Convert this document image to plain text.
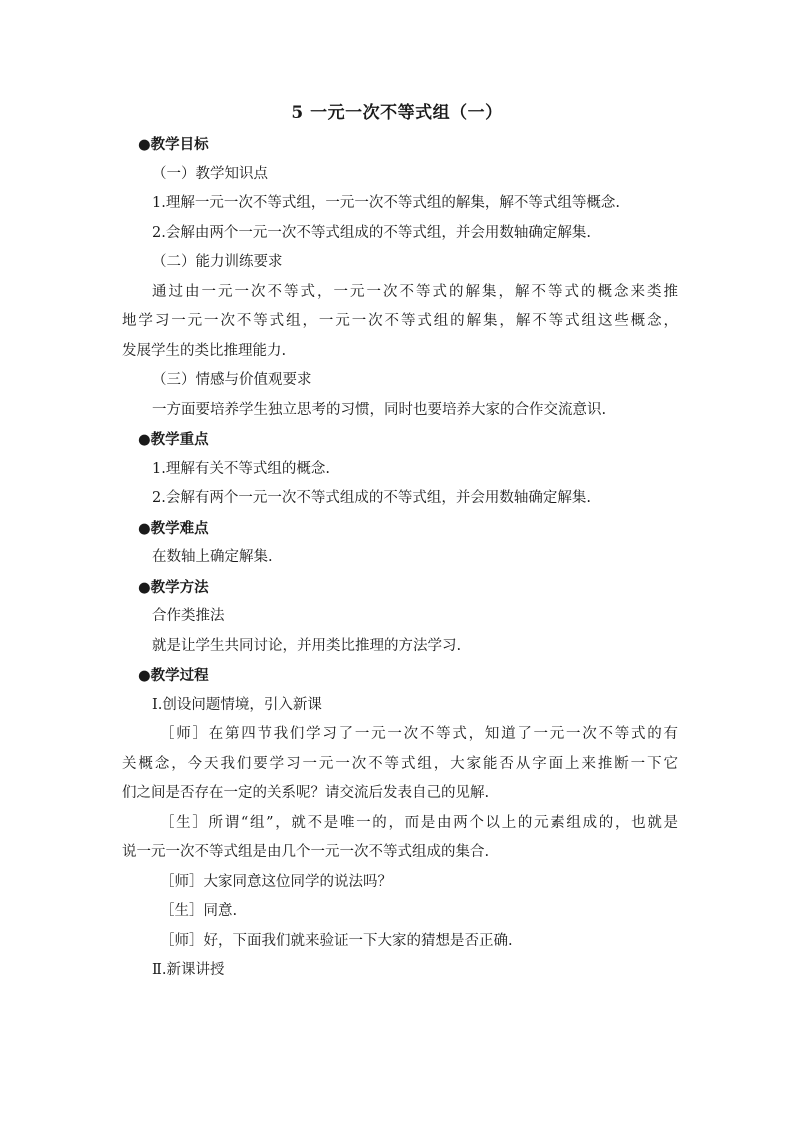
5 一元一次不等式组（一）
●教学目标
（一）教学知识点
1.理解一元一次不等式组，一元一次不等式组的解集，解不等式组等概念.
2.会解由两个一元一次不等式组成的不等式组，并会用数轴确定解集.
（二）能力训练要求
通过由一元一次不等式，一元一次不等式的解集，解不等式的概念来类推
地学习一元一次不等式组，一元一次不等式组的解集，解不等式组这些概念，
发展学生的类比推理能力.
（三）情感与价值观要求
一方面要培养学生独立思考的习惯，同时也要培养大家的合作交流意识.
●教学重点
1.理解有关不等式组的概念.
2.会解有两个一元一次不等式组成的不等式组，并会用数轴确定解集.
●教学难点
在数轴上确定解集.
●教学方法
合作类推法
就是让学生共同讨论，并用类比推理的方法学习.
●教学过程
Ⅰ.创设问题情境，引入新课
［师］在第四节我们学习了一元一次不等式，知道了一元一次不等式的有
关概念，今天我们要学习一元一次不等式组，大家能否从字面上来推断一下它
们之间是否存在一定的关系呢？请交流后发表自己的见解.
［生］所谓“组”，就不是唯一的，而是由两个以上的元素组成的，也就是
说一元一次不等式组是由几个一元一次不等式组成的集合.
［师］大家同意这位同学的说法吗？
［生］同意.
［师］好，下面我们就来验证一下大家的猜想是否正确.
Ⅱ.新课讲授
